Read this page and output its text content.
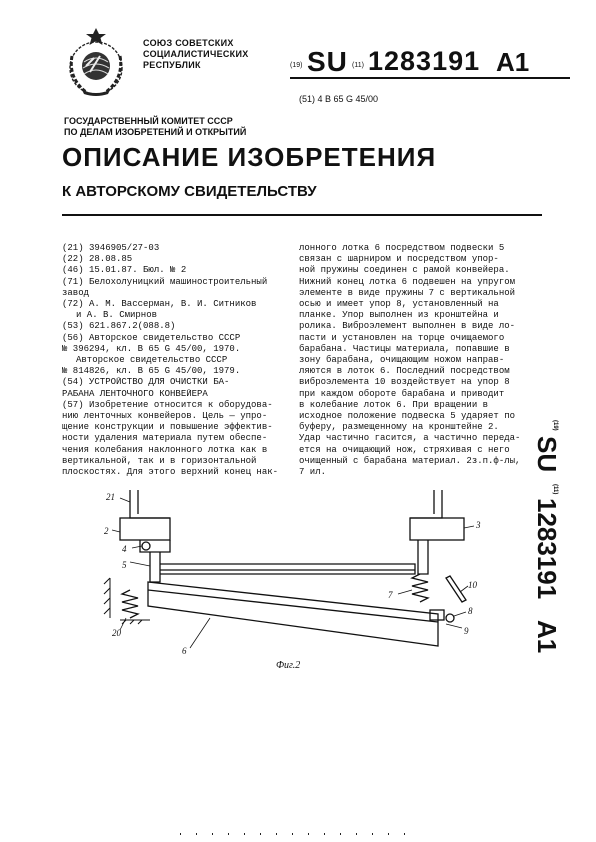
СОЮЗ СОВЕТСКИХ
СОЦИАЛИСТИЧЕСКИХ
РЕСПУБЛИК	(19) SU (11) 1283191 A1
(51) 4 В 65 G 45/00
ГОСУДАРСТВЕННЫЙ КОМИТЕТ СССР
ПО ДЕЛАМ ИЗОБРЕТЕНИЙ И ОТКРЫТИЙ
ОПИСАНИЕ ИЗОБРЕТЕНИЯ
К АВТОРСКОМУ СВИДЕТЕЛЬСТВУ
(21) 3946905/27-03
(22) 28.08.85
(46) 15.01.87. Бюл. № 2
(71) Белохолуницкий машиностроительный
завод
(72) А. М. Вассерман, В. И. Ситников
и А. В. Смирнов
(53) 621.867.2(088.8)
(56) Авторское свидетельство СССР
№ 396294, кл. В 65 G 45/00, 1970.
Авторское свидетельство СССР
№ 814826, кл. В 65 G 45/00, 1979.
(54) УСТРОЙСТВО ДЛЯ ОЧИСТКИ БА-
РАБАНА ЛЕНТОЧНОГО КОНВЕЙЕРА
(57) Изобретение относится к оборудова-
нию ленточных конвейеров. Цель — упро-
щение конструкции и повышение эффектив-
ности удаления материала путем обеспе-
чения колебания наклонного лотка как в
вертикальной, так и в горизонтальной
плоскостях. Для этого верхний конец нак-
лонного лотка 6 посредством подвески 5
связан с шарниром и посредством упор-
ной пружины соединен с рамой конвейера.
Нижний конец лотка 6 подвешен на упругом
элементе в виде пружины 7 с вертикальной
осью и имеет упор 8, установленный на
планке. Упор выполнен из кронштейна и
ролика. Виброэлемент выполнен в виде ло-
пасти и установлен на торце очищаемого
барабана. Частицы материала, попавшие в
зону барабана, очищающим ножом направ-
ляются в лоток 6. Последний посредством
виброэлемента 10 воздействует на упор 8
при каждом обороте барабана и приводит
в колебание лоток 6. При вращении в
исходное положение подвеска 5 ударяет по
буферу, размещенному на кронштейне 2.
Удар частично гасится, а частично переда-
ется на очищающий нож, стряхивая с него
очищенный с барабана материал. 2з.п.ф-лы,
7 ил.
(19)
SU
(11)
1283191
A1
21
2
4
5
3
7
10
8
9
20
6
Фиг.2
